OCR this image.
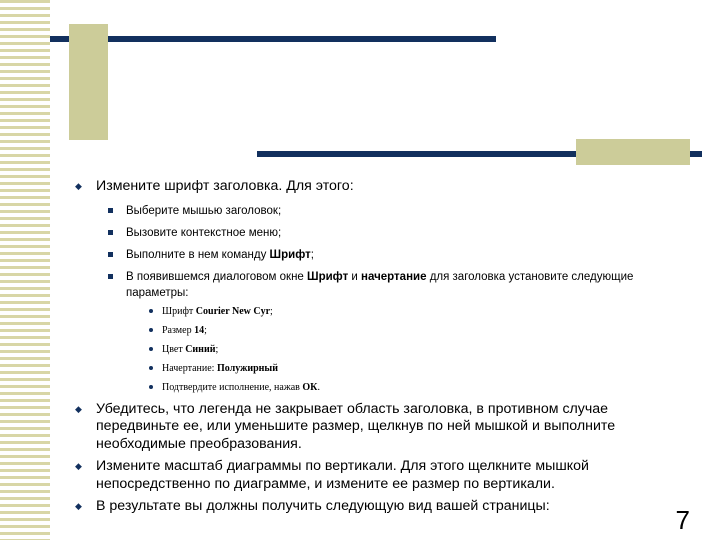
◆ Измените шрифт заголовка. Для этого:
Выберите мышью заголовок;
Вызовите контекстное меню;
Выполните в нем команду Шрифт;
В появившемся диалоговом окне Шрифт и начертание для заголовка установите следующие параметры:
Шрифт Courier New Cyr;
Размер 14;
Цвет Синий;
Начертание: Полужирный
Подтвердите исполнение, нажав ОК.
◆ Убедитесь, что легенда не закрывает область заголовка, в противном случае передвиньте ее, или уменьшите размер, щелкнув по ней мышкой и выполните необходимые преобразования.
◆ Измените масштаб диаграммы по вертикали. Для этого щелкните мышкой непосредственно по диаграмме, и измените ее размер по вертикали.
◆ В результате вы должны получить следующую вид вашей страницы:	7
